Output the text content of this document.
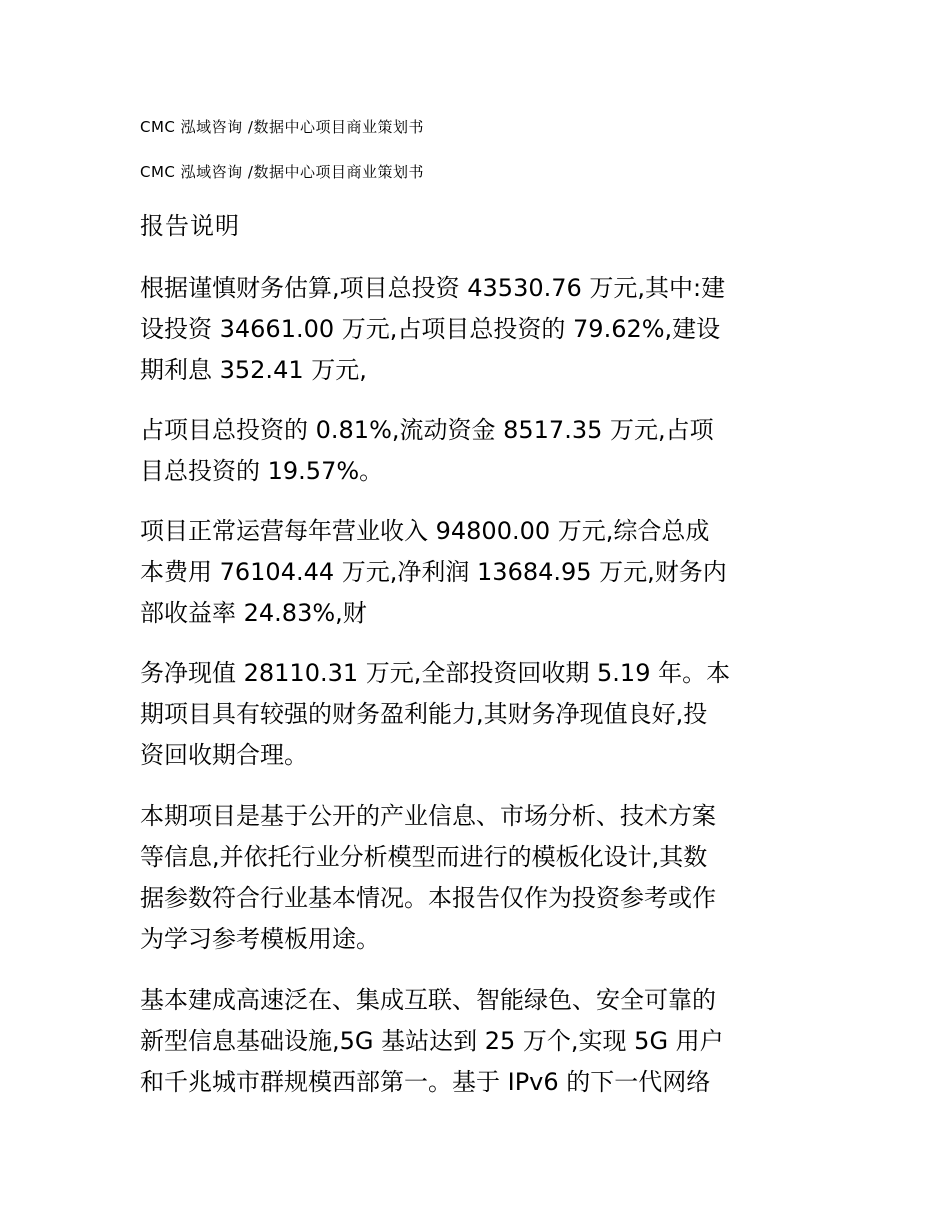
CMC 泓域咨询 /数据中心项目商业策划书
CMC 泓域咨询 /数据中心项目商业策划书
报告说明
根据谨慎财务估算,项目总投资 43530.76 万元,其中:建
设投资 34661.00 万元,占项目总投资的 79.62%,建设
期利息 352.41 万元,
占项目总投资的 0.81%,流动资金 8517.35 万元,占项
目总投资的 19.57%。
项目正常运营每年营业收入 94800.00 万元,综合总成
本费用 76104.44 万元,净利润 13684.95 万元,财务内
部收益率 24.83%,财
务净现值 28110.31 万元,全部投资回收期 5.19 年。本
期项目具有较强的财务盈利能力,其财务净现值良好,投
资回收期合理。
本期项目是基于公开的产业信息、市场分析、技术方案
等信息,并依托行业分析模型而进行的模板化设计,其数
据参数符合行业基本情况。本报告仅作为投资参考或作
为学习参考模板用途。
基本建成高速泛在、集成互联、智能绿色、安全可靠的
新型信息基础设施,5G 基站达到 25 万个,实现 5G 用户
和千兆城市群规模西部第一。基于 IPv6 的下一代网络
